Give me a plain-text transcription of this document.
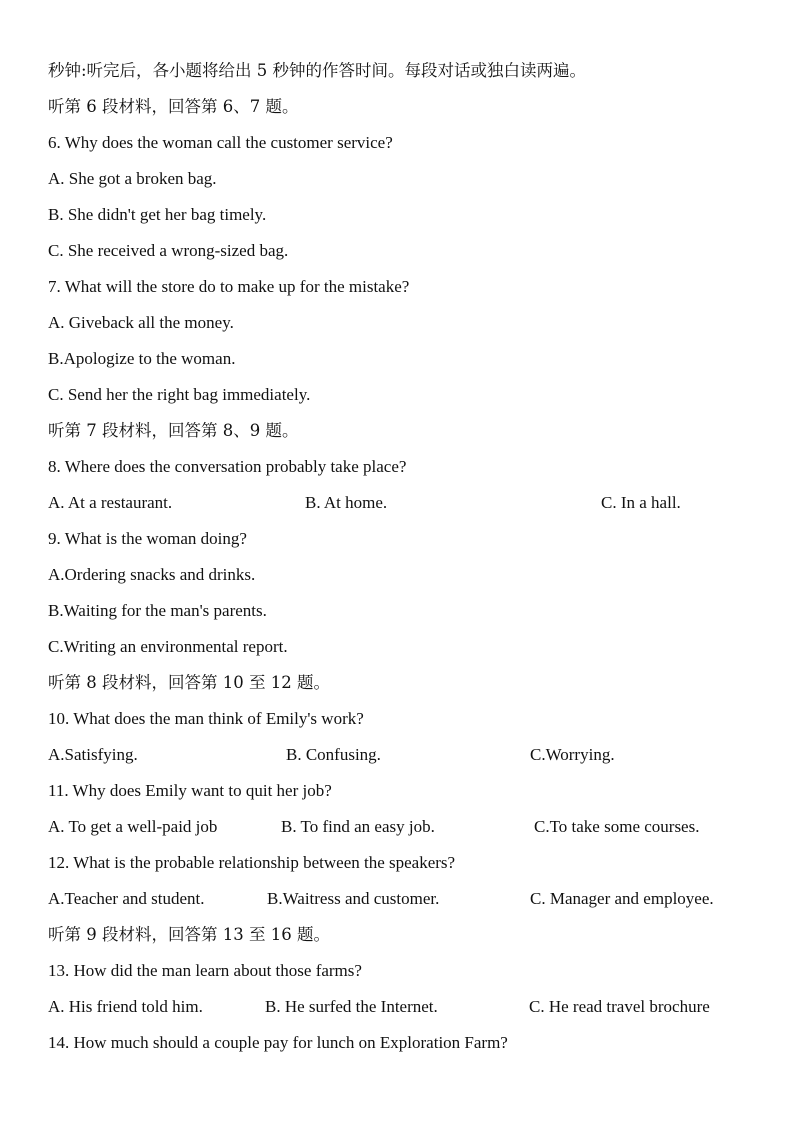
秒钟:听完后，各小题将给出 5 秒钟的作答时间。每段对话或独白读两遍。
听第 6 段材料，回答第 6、7 题。
6. Why does the woman call the customer service?
A. She got a broken bag.
B. She didn't get her bag timely.
C. She received a wrong-sized bag.
7. What will the store do to make up for the mistake?
A. Giveback all the money.
B.Apologize to the woman.
C. Send her the right bag immediately.
听第 7 段材料，回答第 8、9 题。
8. Where does the conversation probably take place?
A. At a restaurant.	B. At home.	C. In a hall.
9. What is the woman doing?
A.Ordering snacks and drinks.
B.Waiting for the man's parents.
C.Writing an environmental report.
听第 8 段材料，回答第 10 至 12 题。
10. What does the man think of Emily's work?
A.Satisfying.	B. Confusing.	C.Worrying.
11. Why does Emily want to quit her job?
A. To get a well-paid job	B. To find an easy job.	C.To take some courses.
12. What is the probable relationship between the speakers?
A.Teacher and student.	B.Waitress and customer.	C. Manager and employee.
听第 9 段材料，回答第 13 至 16 题。
13. How did the man learn about those farms?
A. His friend told him.	B. He surfed the Internet.	C. He read travel brochure
14. How much should a couple pay for lunch on Exploration Farm?
